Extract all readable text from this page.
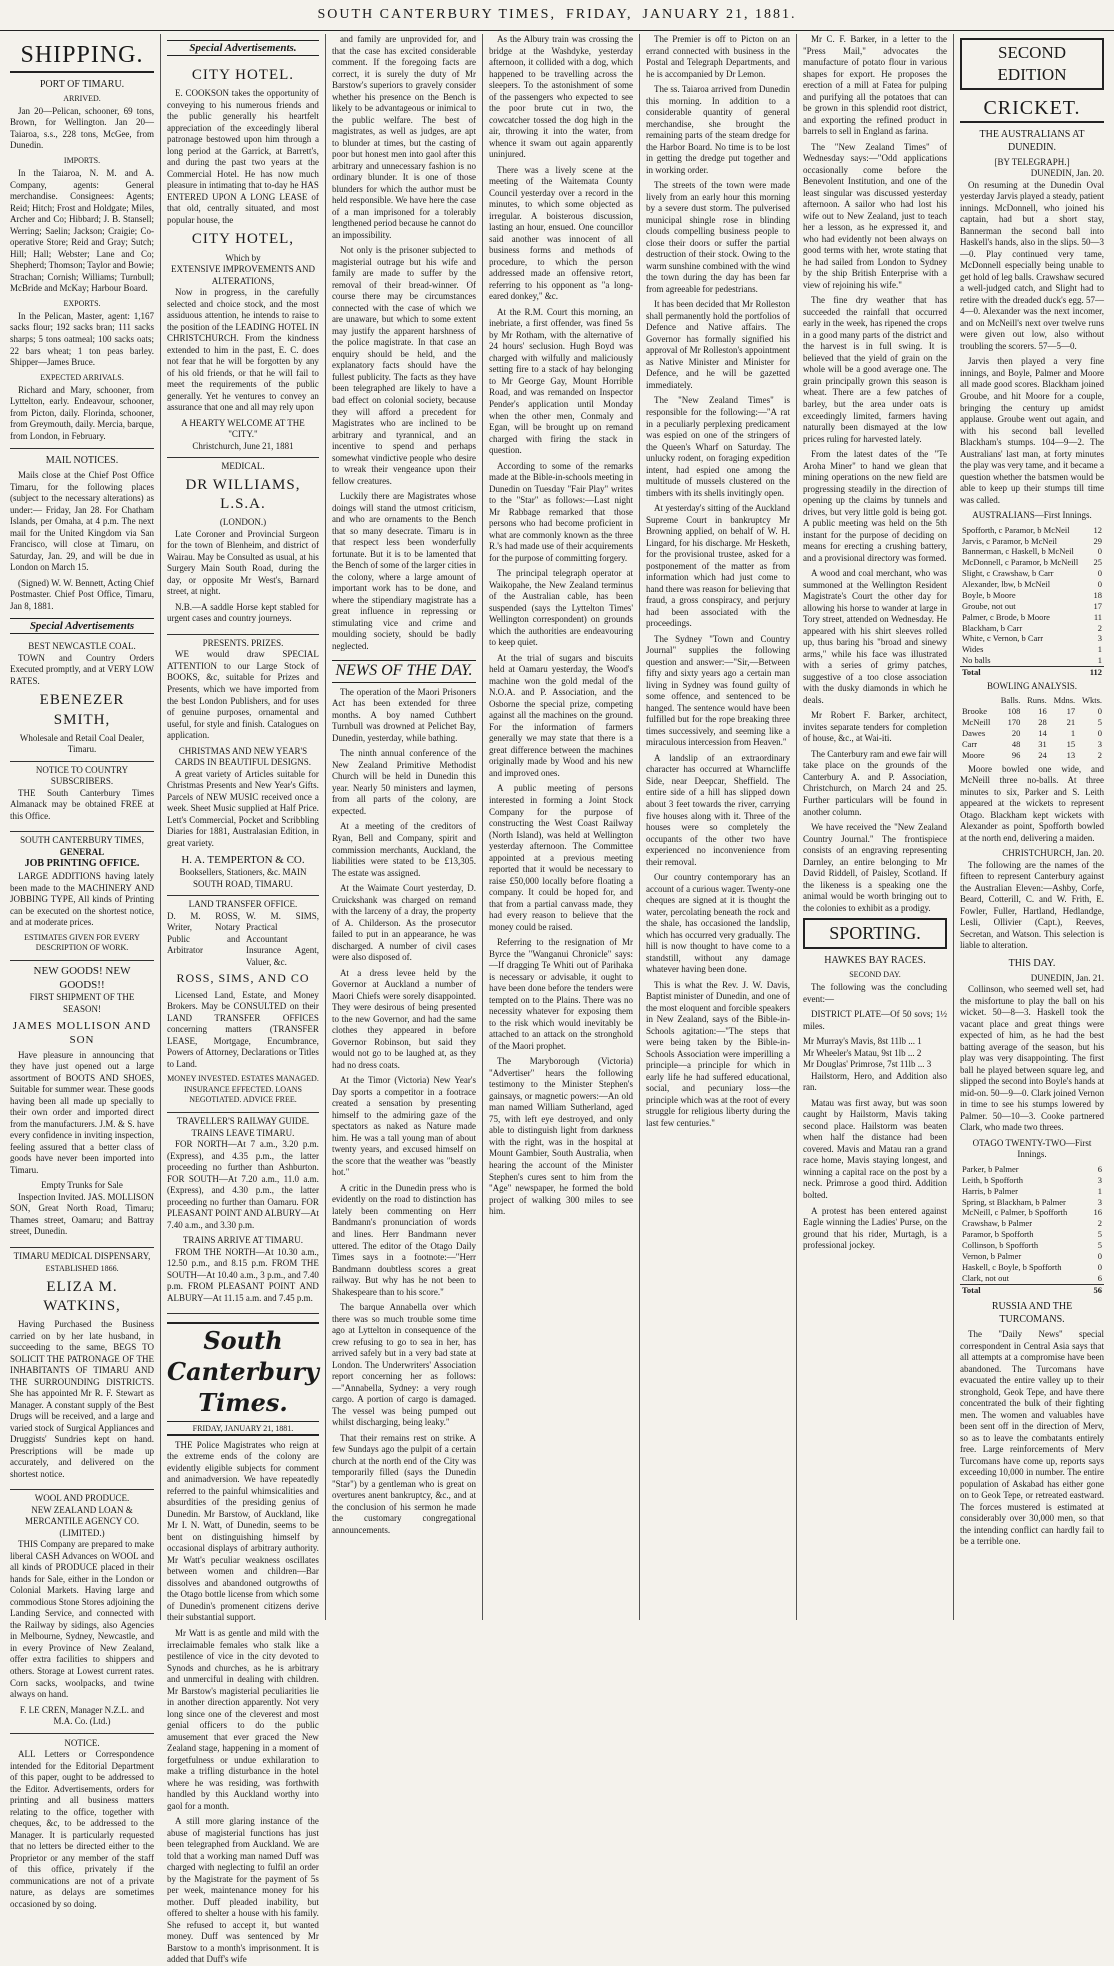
SOUTH CANTERBURY TIMES, FRIDAY, JANUARY 21, 1881.
SHIPPING.
PORT OF TIMARU.
ARRIVED.

Jan 20—Pelican, schooner, 69 tons, Brown, for Wellington. Jan 20—Taiaroa, s.s., 228 tons, McGee, from Dunedin.

IMPORTS.

In the Taiaroa, N. M. and A. Company, agents: General merchandise. Consignees: Agents; Reid; Hitch; Frost and Holdgate; Miles, Archer and Co; Hibbard; J. B. Stansell; Werring; Saelin; Jackson; Craigie; Co-operative Store; Reid and Gray; Sutch; Hill; Hall; Webster; Lane and Co; Shepherd; Thomson; Taylor and Bowie; Strachan; Cornish; Williams; Turnbull; McBride and McKay; Harbour Board.

EXPORTS.

In the Pelican, Master, agent: 1,167 sacks flour; 192 sacks bran; 111 sacks sharps; 5 tons oatmeal; 100 sacks oats; 22 bars wheat; 1 ton peas barley. Shipper—James Bruce.

EXPECTED ARRIVALS.

Richard and Mary, schooner, from Lyttelton, early. Endeavour, schooner, from Picton, daily. Florinda, schooner, from Greymouth, daily. Mercia, barque, from London, in February.

MAIL NOTICES.

Mails close at the Chief Post Office Timaru, for the following places (subject to the necessary alterations) as under:— Friday, Jan 28. For Chatham Islands, per Omaha, at 4 p.m. The next mail for the United Kingdom via San Francisco, will close at Timaru, on Saturday, Jan. 29, and will be due in London on March 15.

(Signed) W. W. Bennett, Acting Chief Postmaster. Chief Post Office, Timaru, Jan 8, 1881.

Special Advertisements
BEST NEWCASTLE COAL.

TOWN and Country Orders Executed promptly, and at VERY LOW RATES.

EBENEZER SMITH,
Wholesale and Retail Coal Dealer, Timaru.
NOTICE TO COUNTRY SUBSCRIBERS.

THE South Canterbury Times Almanack may be obtained FREE at this Office.

SOUTH CANTERBURY TIMES,
GENERAL
JOB PRINTING OFFICE.

LARGE ADDITIONS having lately been made to the MACHINERY AND JOBBING TYPE, All kinds of Printing can be executed on the shortest notice, and at moderate prices.

ESTIMATES GIVEN FOR EVERY DESCRIPTION OF WORK.
NEW GOODS! NEW GOODS!!
FIRST SHIPMENT OF THE SEASON!
JAMES MOLLISON AND SON

Have pleasure in announcing that they have just opened out a large assortment of BOOTS AND SHOES, Suitable for summer wear. These goods having been all made up specially to their own order and imported direct from the manufacturers. J.M. & S. have every confidence in inviting inspection, feeling assured that a better class of goods have never been imported into Timaru.

Empty Trunks for Sale

Inspection Invited. JAS. MOLLISON SON, Great North Road, Timaru; Thames street, Oamaru; and Battray street, Dunedin.

TIMARU MEDICAL DISPENSARY,
ESTABLISHED 1866.
ELIZA M. WATKINS,

Having Purchased the Business carried on by her late husband, in succeeding to the same, BEGS TO SOLICIT THE PATRONAGE OF THE INHABITANTS OF TIMARU AND THE SURROUNDING DISTRICTS. She has appointed Mr R. F. Stewart as Manager. A constant supply of the Best Drugs will be received, and a large and varied stock of Surgical Appliances and Druggists' Sundries kept on hand. Prescriptions will be made up accurately, and delivered on the shortest notice.

WOOL AND PRODUCE.
NEW ZEALAND LOAN & MERCANTILE AGENCY CO. (LIMITED.)

THIS Company are prepared to make liberal CASH Advances on WOOL and all kinds of PRODUCE placed in their hands for Sale, either in the London or Colonial Markets. Having large and commodious Stone Stores adjoining the Landing Service, and connected with the Railway by sidings, also Agencies in Melbourne, Sydney, Newcastle, and in every Province of New Zealand, offer extra facilities to shippers and others. Storage at Lowest current rates. Corn sacks, woolpacks, and twine always on hand.

F. LE CREN, Manager N.Z.L. and M.A. Co. (Ltd.)
NOTICE.

ALL Letters or Correspondence intended for the Editorial Department of this paper, ought to be addressed to the Editor. Advertisements, orders for printing and all business matters relating to the office, together with cheques, &c, to be addressed to the Manager. It is particularly requested that no letters be directed either to the Proprietor or any member of the staff of this office, privately if the communications are not of a private nature, as delays are sometimes occasioned by so doing.

Special Advertisements.
CITY HOTEL.

E. COOKSON takes the opportunity of conveying to his numerous friends and the public generally his heartfelt appreciation of the exceedingly liberal patronage bestowed upon him through a long period at the Garrick, at Barrett's, and during the past two years at the Commercial Hotel. He has now much pleasure in intimating that to-day he HAS ENTERED UPON A LONG LEASE of that old, centrally situated, and most popular house, the

CITY HOTEL,
Which by
EXTENSIVE IMPROVEMENTS AND ALTERATIONS,

Now in progress, in the carefully selected and choice stock, and the most assiduous attention, he intends to raise to the position of the LEADING HOTEL IN CHRISTCHURCH. From the kindness extended to him in the past, E. C. does not fear that he will be forgotten by any of his old friends, or that he will fail to meet the requirements of the public generally. Yet he ventures to convey an assurance that one and all may rely upon

A HEARTY WELCOME AT THE "CITY."
Christchurch, June 21, 1881
MEDICAL.
DR WILLIAMS, L.S.A.
(LONDON.)

Late Coroner and Provincial Surgeon for the town of Blenheim, and district of Wairau. May be Consulted as usual, at his Surgery Main South Road, during the day, or opposite Mr West's, Barnard street, at night.

N.B.—A saddle Horse kept stabled for urgent cases and country journeys.

PRESENTS. PRIZES.

WE would draw SPECIAL ATTENTION to our Large Stock of BOOKS, &c, suitable for Prizes and Presents, which we have imported from the best London Publishers, and for uses of genuine purposes, ornamental and useful, for style and finish. Catalogues on application.

CHRISTMAS AND NEW YEAR'S CARDS IN BEAUTIFUL DESIGNS.

A great variety of Articles suitable for Christmas Presents and New Year's Gifts. Parcels of NEW MUSIC received once a week. Sheet Music supplied at Half Price. Lett's Commercial, Pocket and Scribbling Diaries for 1881, Australasian Edition, in great variety.

H. A. TEMPERTON & CO.
Booksellers, Stationers, &c. MAIN SOUTH ROAD, TIMARU.
LAND TRANSFER OFFICE.
D. M. ROSS, Writer, Notary Public and Arbitrator
W. M. SIMS, Practical Accountant Insurance Agent, Valuer, &c.
ROSS, SIMS, AND CO

Licensed Land, Estate, and Money Brokers. May be CONSULTED on their LAND TRANSFER OFFICES concerning matters (TRANSFER LEASE, Mortgage, Encumbrance, Powers of Attorney, Declarations or Titles to Land.

MONEY INVESTED. ESTATES MANAGED. INSURANCE EFFECTED. LOANS NEGOTIATED. ADVICE FREE.
TRAVELLER'S RAILWAY GUIDE.
TRAINS LEAVE TIMARU.

FOR NORTH—At 7 a.m., 3.20 p.m. (Express), and 4.35 p.m., the latter proceeding no further than Ashburton. FOR SOUTH—At 7.20 a.m., 11.0 a.m. (Express), and 4.30 p.m., the latter proceeding no further than Oamaru. FOR PLEASANT POINT AND ALBURY—At 7.40 a.m., and 3.30 p.m.

TRAINS ARRIVE AT TIMARU.

FROM THE NORTH—At 10.30 a.m., 12.50 p.m., and 8.15 p.m. FROM THE SOUTH—At 10.40 a.m., 3 p.m., and 7.40 p.m. FROM PLEASANT POINT AND ALBURY—At 11.15 a.m. and 7.45 p.m.

South Canterbury Times.
FRIDAY, JANUARY 21, 1881.

THE Police Magistrates who reign at the extreme ends of the colony are evidently eligible subjects for comment and animadversion. We have repeatedly referred to the painful whimsicalities and absurdities of the presiding genius of Dunedin. Mr Barstow, of Auckland, like Mr I. N. Watt, of Dunedin, seems to be bent on distinguishing himself by occasional displays of arbitrary authority. Mr Watt's peculiar weakness oscillates between women and children—Bar dissolves and abandoned outgrowths of the Otago bottle license from which some of Dunedin's promenent citizens derive their substantial support.

Mr Watt is as gentle and mild with the irreclaimable females who stalk like a pestilence of vice in the city devoted to Synods and churches, as he is arbitrary and unmerciful in dealing with children. Mr Barstow's magisterial peculiarities lie in another direction apparently. Not very long since one of the cleverest and most genial officers to do the public amusement that ever graced the New Zealand stage, happening in a moment of forgetfulness or undue exhilaration to make a trifling disturbance in the hotel where he was residing, was forthwith handled by this Auckland worthy into gaol for a month.

A still more glaring instance of the abuse of magisterial functions has just been telegraphed from Auckland. We are told that a working man named Duff was charged with neglecting to fulfil an order by the Magistrate for the payment of 5s per week, maintenance money for his mother. Duff pleaded inability, but offered to shelter a house with his family. She refused to accept it, but wanted money. Duff was sentenced by Mr Barstow to a month's imprisonment. It is added that Duff's wife

and family are unprovided for, and that the case has excited considerable comment. If the foregoing facts are correct, it is surely the duty of Mr Barstow's superiors to gravely consider whether his presence on the Bench is likely to be advantageous or inimical to the public welfare. The best of magistrates, as well as judges, are apt to blunder at times, but the casting of poor but honest men into gaol after this arbitrary and unnecessary fashion is no ordinary blunder. It is one of those blunders for which the author must be held responsible. We have here the case of a man imprisoned for a tolerably lengthened period because he cannot do an impossibility.

Not only is the prisoner subjected to magisterial outrage but his wife and family are made to suffer by the removal of their bread-winner. Of course there may be circumstances connected with the case of which we are unaware, but which to some extent may justify the apparent harshness of the police magistrate. In that case an enquiry should be held, and the explanatory facts should have the fullest publicity. The facts as they have been telegraphed are likely to have a bad effect on colonial society, because they will afford a precedent for Magistrates who are inclined to be arbitrary and tyrannical, and an incentive to spend and perhaps somewhat vindictive people who desire to wreak their vengeance upon their fellow creatures.

Luckily there are Magistrates whose doings will stand the utmost criticism, and who are ornaments to the Bench that so many desecrate. Timaru is in that respect less been wonderfully fortunate. But it is to be lamented that the Bench of some of the larger cities in the colony, where a large amount of important work has to be done, and where the stipendiary magistrate has a great influence in repressing or stimulating vice and crime and moulding society, should be badly neglected.

NEWS OF THE DAY.

The operation of the Maori Prisoners Act has been extended for three months. A boy named Cuthbert Turnbull was drowned at Pelichet Bay, Dunedin, yesterday, while bathing.

The ninth annual conference of the New Zealand Primitive Methodist Church will be held in Dunedin this year. Nearly 50 ministers and laymen, from all parts of the colony, are expected.

At a meeting of the creditors of Ryan, Bell and Company, spirit and commission merchants, Auckland, the liabilities were stated to be £13,305. The estate was assigned.

At the Waimate Court yesterday, D. Cruickshank was charged on remand with the larceny of a dray, the property of A. Childerson. As the prosecutor failed to put in an appearance, he was discharged. A number of civil cases were also disposed of.

At a dress levee held by the Governor at Auckland a number of Maori Chiefs were sorely disappointed. They were desirous of being presented to the new Governor, and had the same clothes they appeared in before Governor Robinson, but said they would not go to be laughed at, as they had no dress coats.

At the Timor (Victoria) New Year's Day sports a competitor in a footrace created a sensation by presenting himself to the admiring gaze of the spectators as naked as Nature made him. He was a tall young man of about twenty years, and excused himself on the score that the weather was "beastly hot."

A critic in the Dunedin press who is evidently on the road to distinction has lately been commenting on Herr Bandmann's pronunciation of words and lines. Herr Bandmann never uttered. The editor of the Otago Daily Times says in a footnote:—"Herr Bandmann doubtless scores a great railway. But why has he not been to Shakespeare than to his score."

The barque Annabella over which there was so much trouble some time ago at Lyttelton in consequence of the crew refusing to go to sea in her, has arrived safely but in a very bad state at London. The Underwriters' Association report concerning her as follows:—"Annabella, Sydney: a very rough cargo. A portion of cargo is damaged. The vessel was being pumped out whilst discharging, being leaky."

That their remains rest on strike. A few Sundays ago the pulpit of a certain church at the north end of the City was temporarily filled (says the Dunedin "Star") by a gentleman who is great on overtures anent bankruptcy, &c., and at the conclusion of his sermon he made the customary congregational announcements.

As the Albury train was crossing the bridge at the Washdyke, yesterday afternoon, it collided with a dog, which happened to be travelling across the sleepers. To the astonishment of some of the passengers who expected to see the poor brute cut in two, the cowcatcher tossed the dog high in the air, throwing it into the water, from whence it swam out again apparently uninjured.

There was a lively scene at the meeting of the Waitemata County Council yesterday over a record in the minutes, to which some objected as irregular. A boisterous discussion, lasting an hour, ensued. One councillor said another was innocent of all business forms and methods of procedure, to which the person addressed made an offensive retort, referring to his opponent as "a long-eared donkey," &c.

At the R.M. Court this morning, an inebriate, a first offender, was fined 5s by Mr Rotham, with the alternative of 24 hours' seclusion. Hugh Boyd was charged with wilfully and maliciously setting fire to a stack of hay belonging to Mr George Gay, Mount Horrible Road, and was remanded on Inspector Pender's application until Monday when the other men, Conmaly and Egan, will be brought up on remand charged with firing the stack in question.

According to some of the remarks made at the Bible-in-schools meeting in Dunedin on Tuesday "Fair Play" writes to the "Star" as follows:—Last night Mr Rabbage remarked that those persons who had become proficient in what are commonly known as the three R.'s had made use of their acquirements for the purpose of committing forgery.

The principal telegraph operator at Waikopahe, the New Zealand terminus of the Australian cable, has been suspended (says the Lyttelton Times' Wellington correspondent) on grounds which the authorities are endeavouring to keep quiet.

At the trial of sugars and biscuits held at Oamaru yesterday, the Wood's machine won the gold medal of the N.O.A. and P. Association, and the Osborne the special prize, competing against all the machines on the ground. For the information of farmers generally we may state that there is a great difference between the machines originally made by Wood and his new and improved ones.

A public meeting of persons interested in forming a Joint Stock Company for the purpose of constructing the West Coast Railway (North Island), was held at Wellington yesterday afternoon. The Committee appointed at a previous meeting reported that it would be necessary to raise £50,000 locally before floating a company. It could be hoped for, and that from a partial canvass made, they had every reason to believe that the money could be raised.

Referring to the resignation of Mr Byrce the "Wanganui Chronicle" says:—If dragging Te Whiti out of Parihaka is necessary or advisable, it ought to have been done before the tenders were tempted on to the Plains. There was no necessity whatever for exposing them to the risk which would inevitably be attached to an attack on the stronghold of the Maori prophet.

The Maryborough (Victoria) "Advertiser" hears the following testimony to the Minister Stephen's gainsays, or magnetic powers:—An old man named William Sutherland, aged 75, with left eye destroyed, and only able to distinguish light from darkness with the right, was in the hospital at Mount Gambier, South Australia, when hearing the account of the Minister Stephen's cures sent to him from the "Age" newspaper, he formed the bold project of walking 300 miles to see him.

The Premier is off to Picton on an errand connected with business in the Postal and Telegraph Departments, and he is accompanied by Dr Lemon.

The ss. Taiaroa arrived from Dunedin this morning. In addition to a considerable quantity of general merchandise, she brought the remaining parts of the steam dredge for the Harbor Board. No time is to be lost in getting the dredge put together and in working order.

The streets of the town were made lively from an early hour this morning by a severe dust storm. The pulverised municipal shingle rose in blinding clouds compelling business people to close their doors or suffer the partial destruction of their stock. Owing to the warm sunshine combined with the wind the town during the day has been far from agreeable for pedestrians.

It has been decided that Mr Rolleston shall permanently hold the portfolios of Defence and Native affairs. The Governor has formally signified his approval of Mr Rolleston's appointment as Native Minister and Minister for Defence, and he will be gazetted immediately.

The "New Zealand Times" is responsible for the following:—"A rat in a peculiarly perplexing predicament was espied on one of the stringers of the Queen's Wharf on Saturday. The unlucky rodent, on foraging expedition intent, had espied one among the multitude of mussels clustered on the timbers with its shells invitingly open.

At yesterday's sitting of the Auckland Supreme Court in bankruptcy Mr Browning applied, on behalf of W. H. Lingard, for his discharge. Mr Hesketh, for the provisional trustee, asked for a postponement of the matter as from information which had just come to hand there was reason for believing that fraud, a gross conspiracy, and perjury had been associated with the proceedings.

The Sydney "Town and Country Journal" supplies the following question and answer:—"Sir,—Between fifty and sixty years ago a certain man living in Sydney was found guilty of some offence, and sentenced to be hanged. The sentence would have been fulfilled but for the rope breaking three times successively, and seeming like a miraculous intercession from Heaven."

A landslip of an extraordinary character has occurred at Wharncliffe Side, near Deepcar, Sheffield. The entire side of a hill has slipped down about 3 feet towards the river, carrying five houses along with it. Three of the houses were so completely the occupants of the other two have experienced no inconvenience from their removal.

Our country contemporary has an account of a curious wager. Twenty-one cheques are signed at it is thought the water, percolating beneath the rock and the shale, has occasioned the landslip, which has occurred very gradually. The hill is now thought to have come to a standstill, without any damage whatever having been done.

This is what the Rev. J. W. Davis, Baptist minister of Dunedin, and one of the most eloquent and forcible speakers in New Zealand, says of the Bible-in-Schools agitation:—"The steps that were being taken by the Bible-in-Schools Association were imperilling a principle—a principle for which in early life he had suffered educational, social, and pecuniary loss—the principle which was at the root of every struggle for religious liberty during the last few centuries."

Mr C. F. Barker, in a letter to the "Press Mail," advocates the manufacture of potato flour in various shapes for export. He proposes the erection of a mill at Fatea for pulping and purifying all the potatoes that can be grown in this splendid root district, and exporting the refined product in barrels to sell in England as farina.

The "New Zealand Times" of Wednesday says:—"Odd applications occasionally come before the Benevolent Institution, and one of the least singular was discussed yesterday afternoon. A sailor who had lost his wife out to New Zealand, just to teach her a lesson, as he expressed it, and who had evidently not been always on good terms with her, wrote stating that he had sailed from London to Sydney by the ship British Enterprise with a view of rejoining his wife."

The fine dry weather that has succeeded the rainfall that occurred early in the week, has ripened the crops in a good many parts of the district and the harvest is in full swing. It is believed that the yield of grain on the whole will be a good average one. The grain principally grown this season is wheat. There are a few patches of barley, but the area under oats is exceedingly limited, farmers having naturally been dismayed at the low prices ruling for harvested lately.

From the latest dates of the "Te Aroha Miner" to hand we glean that mining operations on the new field are progressing steadily in the direction of opening up the claims by tunnels and drives, but very little gold is being got. A public meeting was held on the 5th instant for the purpose of deciding on means for erecting a crushing battery, and a provisional directory was formed.

A wood and coal merchant, who was summoned at the Wellington Resident Magistrate's Court the other day for allowing his horse to wander at large in Tory street, attended on Wednesday. He appeared with his shirt sleeves rolled up, thus baring his "broad and sinewy arms," while his face was illustrated with a series of grimy patches, suggestive of a too close association with the dusky diamonds in which he deals.

Mr Robert F. Barker, architect, invites separate tenders for completion of house, &c., at Wai-iti.

The Canterbury ram and ewe fair will take place on the grounds of the Canterbury A. and P. Association, Christchurch, on March 24 and 25. Further particulars will be found in another column.

We have received the "New Zealand Country Journal." The frontispiece consists of an engraving representing Darnley, an entire belonging to Mr David Riddell, of Paisley, Scotland. If the likeness is a speaking one the animal would be worth bringing out to the colonies to exhibit as a prodigy.

SPORTING.
HAWKES BAY RACES.
SECOND DAY.

The following was the concluding event:—

DISTRICT PLATE—Of 50 sovs; 1½ miles.

Mr Murray's Mavis, 8st 11lb ... 1
Mr Wheeler's Matau, 9st 1lb ... 2
Mr Douglas' Primrose, 7st 11lb ... 3

Hailstorm, Hero, and Addition also ran.

Matau was first away, but was soon caught by Hailstorm, Mavis taking second place. Hailstorm was beaten when half the distance had been covered. Mavis and Matau ran a grand race home, Mavis staying longest, and winning a capital race on the post by a neck. Primrose a good third. Addition bolted.

A protest has been entered against Eagle winning the Ladies' Purse, on the ground that his rider, Murtagh, is a professional jockey.

SECOND EDITION
CRICKET.
THE AUSTRALIANS AT DUNEDIN.
[BY TELEGRAPH.]
DUNEDIN, Jan. 20.

On resuming at the Dunedin Oval yesterday Jarvis played a steady, patient innings. McDonnell, who joined his captain, had but a short stay, Bannerman the second ball into Haskell's hands, also in the slips. 50—3—0. Play continued very tame, McDonnell especially being unable to get hold of leg balls. Crawshaw secured a well-judged catch, and Slight had to retire with the dreaded duck's egg. 57—4—0. Alexander was the next incomer, and on McNeill's next over twelve runs were given out low, also without troubling the scorers. 57—5—0.

Jarvis then played a very fine innings, and Boyle, Palmer and Moore all made good scores. Blackham joined Groube, and hit Moore for a couple, bringing the century up amidst applause. Groube went out again, and with his second ball levelled Blackham's stumps. 104—9—2. The Australians' last man, at forty minutes the play was very tame, and it became a question whether the batsmen would be able to keep up their stumps till time was called.

AUSTRALIANS—First Innings.
Spofforth, c Paramor, b McNeil	12
Jarvis, c Paramor, b McNeil	29
Bannerman, c Haskell, b McNeil	0
McDonnell, c Paramor, b McNeill	25
Slight, c Crawshaw, b Carr	0
Alexander, lbw, b McNeil	0
Boyle, b Moore	18
Groube, not out	17
Palmer, c Brode, b Moore	11
Blackham, b Carr	2
White, c Vernon, b Carr	3
Wides	1
No balls	1
Total	112
BOWLING ANALYSIS.
	Balls.	Runs.	Mdns.	Wkts.
Brooke	108	16	17	0
McNeill	170	28	21	5
Dawes	20	14	1	0
Carr	48	31	15	3
Moore	96	24	13	2

Moore bowled one wide, and McNeill three no-balls. At three minutes to six, Parker and S. Leith appeared at the wickets to represent Otago. Blackham kept wickets with Alexander as point, Spofforth bowled at the north end, delivering a maiden.

CHRISTCHURCH, Jan. 20.

The following are the names of the fifteen to represent Canterbury against the Australian Eleven:—Ashby, Corfe, Beard, Cotterill, C. and W. Frith, E. Fowler, Fuller, Hartland, Hedlandge, Lesli, Ollivier (Capt.), Reeves, Secretan, and Watson. This selection is liable to alteration.

THIS DAY.
DUNEDIN, Jan. 21.

Collinson, who seemed well set, had the misfortune to play the ball on his wicket. 50—8—3. Haskell took the vacant place and great things were expected of him, as he had the best batting average of the season, but his play was very disappointing. The first ball he played between square leg, and slipped the second into Boyle's hands at mid-on. 50—9—0. Clark joined Vernon in time to see his stumps lowered by Palmer. 50—10—3. Cooke partnered Clark, who made two threes.

OTAGO TWENTY-TWO—First Innings.
Parker, b Palmer	6
Leith, b Spofforth	3
Harris, b Palmer	1
Spring, st Blackham, b Palmer	3
McNeill, c Palmer, b Spofforth	16
Crawshaw, b Palmer	2
Paramor, b Spofforth	5
Collinson, b Spofforth	5
Vernon, b Palmer	0
Haskell, c Boyle, b Spofforth	0
Clark, not out	6
Total	56
RUSSIA AND THE TURCOMANS.

The "Daily News" special correspondent in Central Asia says that all attempts at a compromise have been abandoned. The Turcomans have evacuated the entire valley up to their stronghold, Geok Tepe, and have there concentrated the bulk of their fighting men. The women and valuables have been sent off in the direction of Merv, so as to leave the combatants entirely free. Large reinforcements of Merv Turcomans have come up, reports says exceeding 10,000 in number. The entire population of Askabad has either gone on to Geok Tepe, or retreated eastward. The forces mustered is estimated at considerably over 30,000 men, so that the intending conflict can hardly fail to be a terrible one.
